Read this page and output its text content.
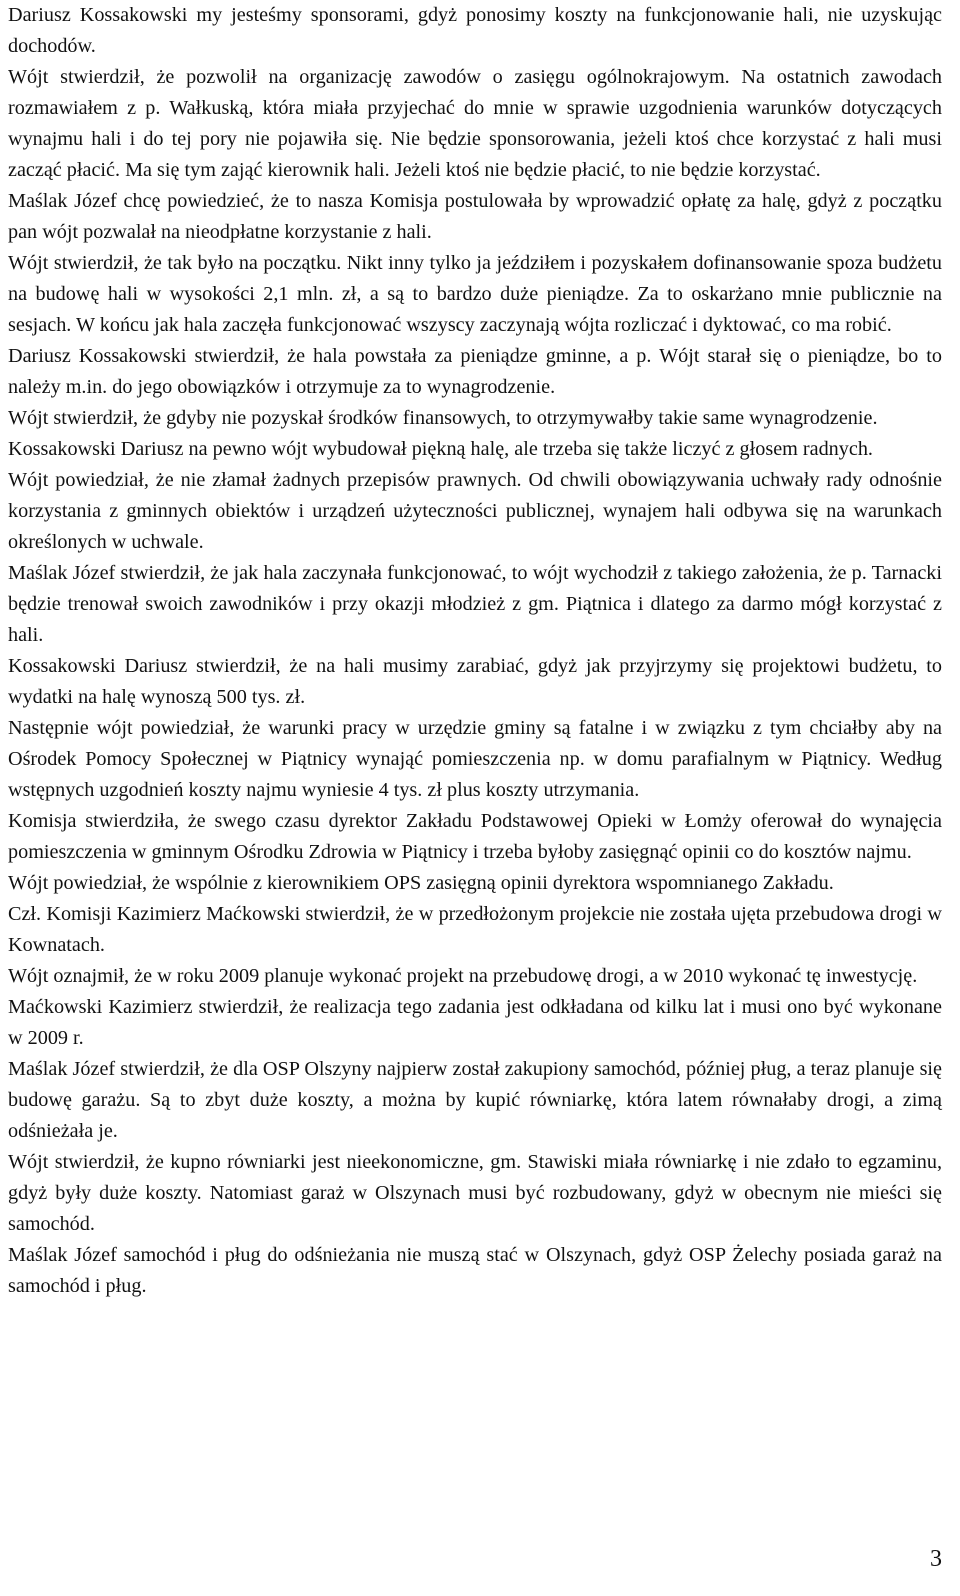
Dariusz Kossakowski my jesteśmy sponsorami, gdyż ponosimy koszty na funkcjonowanie hali, nie uzyskując dochodów.

Wójt stwierdził, że pozwolił na organizację zawodów o zasięgu ogólnokrajowym. Na ostatnich zawodach rozmawiałem z p. Wałkuską, która miała przyjechać do mnie w sprawie uzgodnienia warunków dotyczących wynajmu hali i do tej pory nie pojawiła się. Nie będzie sponsorowania, jeżeli ktoś chce korzystać z hali musi zacząć płacić. Ma się tym zająć kierownik hali. Jeżeli ktoś nie będzie płacić, to nie będzie korzystać.

Maślak Józef chcę powiedzieć, że to nasza Komisja postulowała by wprowadzić opłatę za halę, gdyż z początku pan wójt pozwalał na nieodpłatne korzystanie z hali.

Wójt stwierdził, że tak było na początku. Nikt inny tylko ja jeździłem i pozyskałem dofinansowanie spoza budżetu na budowę hali w wysokości 2,1 mln. zł, a są to bardzo duże pieniądze. Za to oskarżano mnie publicznie na sesjach. W końcu jak hala zaczęła funkcjonować wszyscy zaczynają wójta rozliczać i dyktować, co ma robić.

Dariusz Kossakowski stwierdził, że hala powstała za pieniądze gminne, a p. Wójt starał się o pieniądze, bo to należy m.in. do jego obowiązków i otrzymuje za to wynagrodzenie.

Wójt stwierdził, że gdyby nie pozyskał środków finansowych, to otrzymywałby takie same wynagrodzenie.

Kossakowski Dariusz na pewno wójt wybudował piękną halę, ale trzeba się także liczyć z głosem radnych.

Wójt powiedział, że nie złamał żadnych przepisów prawnych. Od chwili obowiązywania uchwały rady odnośnie korzystania z gminnych obiektów i urządzeń użyteczności publicznej, wynajem hali odbywa się na warunkach określonych w uchwale.

Maślak Józef stwierdził, że jak hala zaczynała funkcjonować, to wójt wychodził z takiego założenia, że p. Tarnacki będzie trenował swoich zawodników i przy okazji młodzież z gm. Piątnica i dlatego za darmo mógł korzystać z hali.

Kossakowski Dariusz stwierdził, że na hali musimy zarabiać, gdyż jak przyjrzymy się projektowi budżetu, to wydatki na halę wynoszą 500 tys. zł.

Następnie wójt powiedział, że warunki pracy w urzędzie gminy są fatalne i w związku z tym chciałby aby na Ośrodek Pomocy Społecznej w Piątnicy wynająć pomieszczenia np. w domu parafialnym w Piątnicy. Według wstępnych uzgodnień koszty najmu wyniesie 4 tys. zł plus koszty utrzymania.

Komisja stwierdziła, że swego czasu dyrektor Zakładu Podstawowej Opieki w Łomży oferował do wynajęcia pomieszczenia w gminnym Ośrodku Zdrowia w Piątnicy i trzeba byłoby zasięgnąć opinii co do kosztów najmu.

Wójt powiedział, że wspólnie z kierownikiem OPS zasięgną opinii dyrektora wspomnianego Zakładu.

Czł. Komisji Kazimierz Maćkowski stwierdził, że w przedłożonym projekcie nie została ujęta przebudowa drogi w Kownatach.

Wójt oznajmił, że w roku 2009 planuje wykonać projekt na przebudowę drogi, a w 2010 wykonać tę inwestycję.

Maćkowski Kazimierz stwierdził, że realizacja tego zadania jest odkładana od kilku lat i musi ono być wykonane w 2009 r.

Maślak Józef stwierdził, że dla OSP Olszyny najpierw został zakupiony samochód, później pług, a teraz planuje się budowę garażu. Są to zbyt duże koszty, a można by kupić równiarkę, która latem równałaby drogi, a zimą odśnieżała je.

Wójt stwierdził, że kupno równiarki jest nieekonomiczne, gm. Stawiski miała równiarkę i nie zdało to egzaminu, gdyż były duże koszty. Natomiast garaż w Olszynach musi być rozbudowany, gdyż w obecnym nie mieści się samochód.

Maślak Józef samochód i pług do odśnieżania nie muszą stać w Olszynach, gdyż OSP Żelechy posiada garaż na samochód i pług.

3
